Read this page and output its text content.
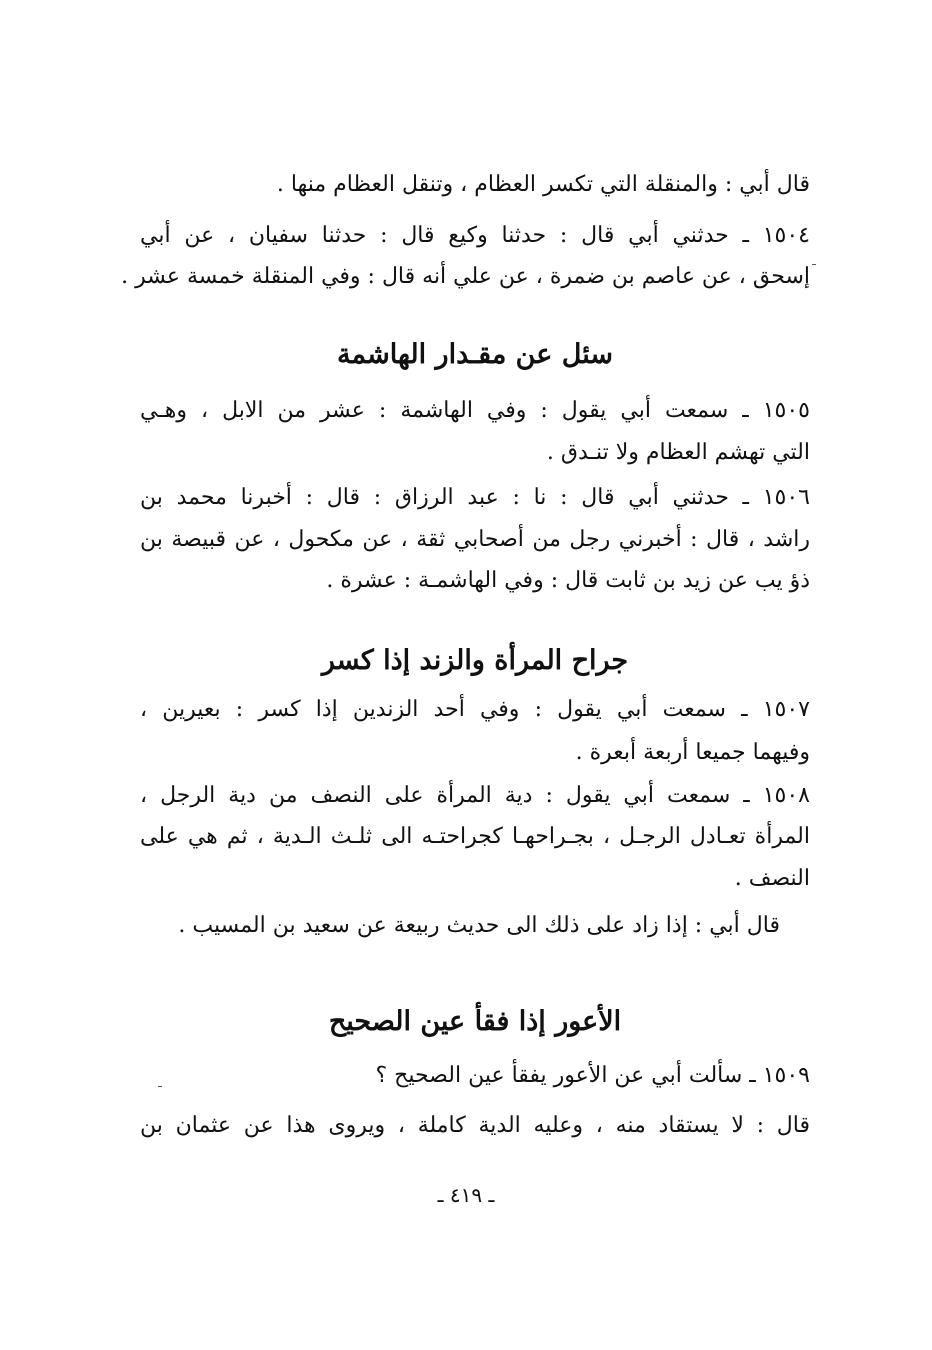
قال أبي : والمنقلة التي تكسر العظام ، وتنقل العظام منها .
١٥٠٤ ـ حدثني أبي قال : حدثنا وكيع قال : حدثنا سفيان ، عن أبي
إسحق ، عن عاصم بن ضمرة ، عن علي أنه قال : وفي المنقلة خمسة عشر .
سئل عن مقـدار الهاشمة
١٥٠٥ ـ سمعت أبي يقول : وفي الهاشمة : عشر من الابل ، وهـي
التي تهشم العظام ولا تنـدق .
١٥٠٦ ـ حدثني أبي قال : نا : عبد الرزاق : قال : أخبرنا محمد بن
راشد ، قال : أخبرني رجل من أصحابي ثقة ، عن مكحول ، عن قبيصة بن
ذؤ يب عن زيد بن ثابت قال : وفي الهاشمـة : عشرة .
جراح المرأة والزند إذا كسر
١٥٠٧ ـ سمعت أبي يقول : وفي أحد الزندين إذا كسر : بعيرين ،
وفيهما جميعا أربعة أبعرة .
١٥٠٨ ـ سمعت أبي يقول : دية المرأة على النصف من دية الرجل ،
المرأة تعـادل الرجـل ، بجـراحهـا كجراحتـه الى ثلـث الـدية ، ثم هي على
النصف .
قال أبي : إذا زاد على ذلك الى حديث ربيعة عن سعيد بن المسيب .
الأعور إذا فقأ عين الصحيح
١٥٠٩ ـ سألت أبي عن الأعور يفقأ عين الصحيح ؟
قال : لا يستقاد منه ، وعليه الدية كاملة ، ويروى هذا عن عثمان بن
ـ ٤١٩ ـ
